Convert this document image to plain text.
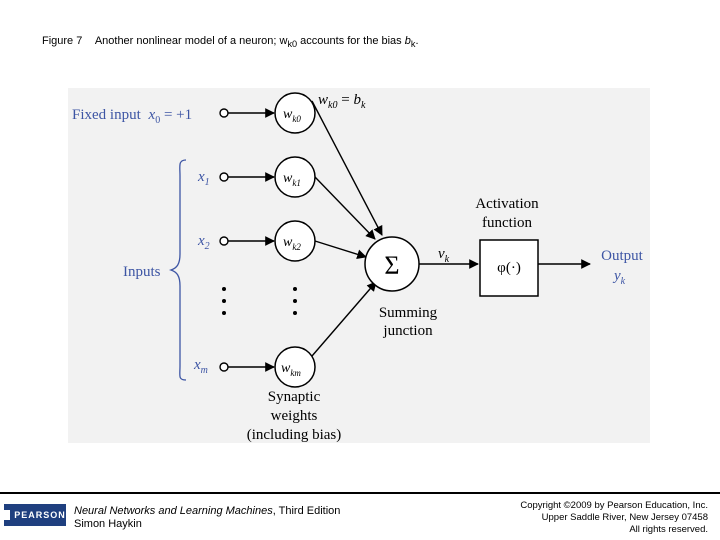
Figure 7 Another nonlinear model of a neuron; $w_{k0}$ accounts for the bias $b_k$.
Fixed input $x_0 = +1$
$w_{k0} = b_k$
$w_{k0}$
$w_{k1}$
$w_{k2}$
$w_{km}$
$x_1$
$x_2$
$x_m$
Inputs	Σ
Summing
junction
$v_k$
φ(·)
Activation
function
Output
$y_k$
Synaptic
weights
(including bias)
PEARSON Neural Networks and Learning Machines, Third Edition
Simon Haykin
Copyright ©2009 by Pearson Education, Inc.
Upper Saddle River, New Jersey 07458
All rights reserved.
